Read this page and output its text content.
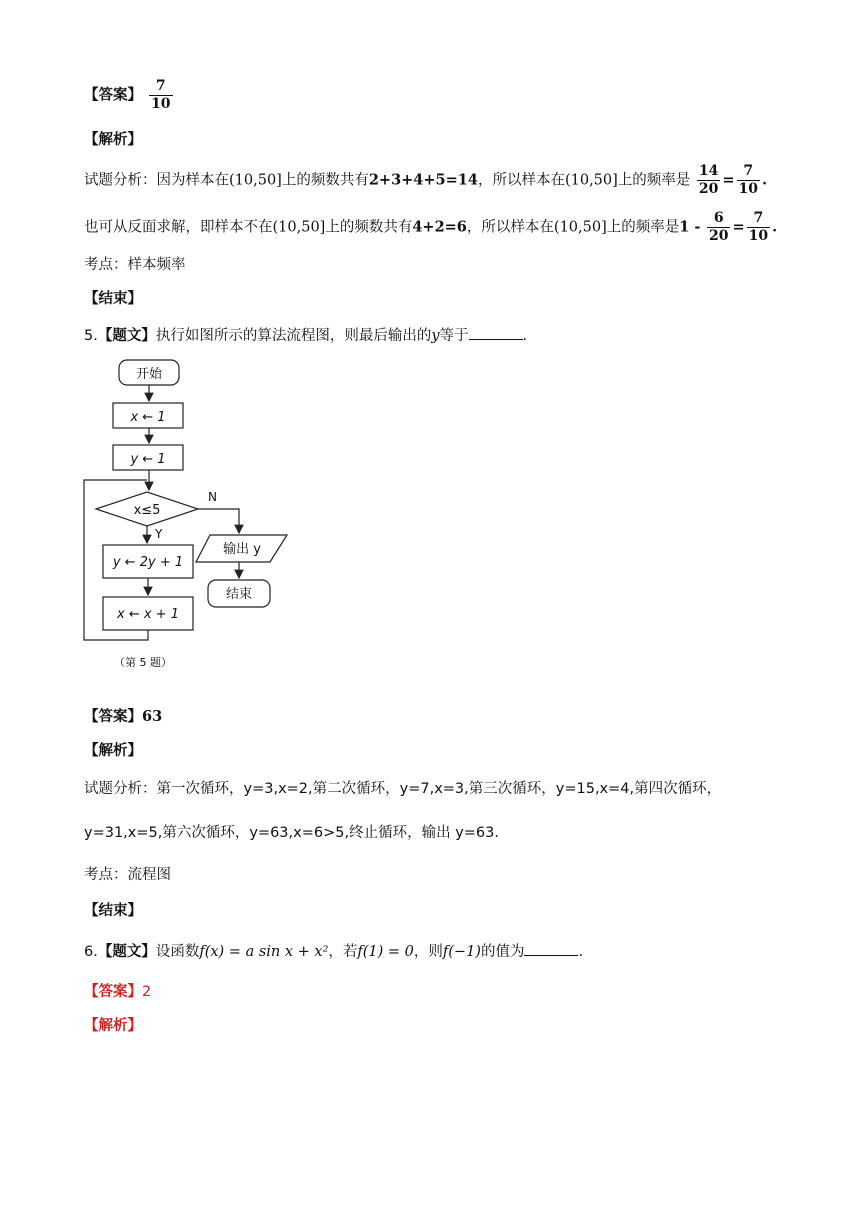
【答案】 $\frac{7}{10}$
【解析】
试题分析：因为样本在(10,50]上的频数共有2+3+4+5=14，所以样本在(10,50]上的频率是 $\frac{14}{20} = \frac{7}{10}$ .
也可从反面求解，即样本不在(10,50]上的频数共有4+2=6，所以样本在(10,50]上的频率是$1 - \frac{6}{20} = \frac{7}{10}$ .
考点：样本频率
【结束】
5.【题文】执行如图所示的算法流程图，则最后输出的y等于	.
开始
x ← 1
y ← 1
x≤5
N
Y
y ← 2y + 1
x ← x + 1
输出 y
结束
（第 5 题）
【答案】63
【解析】
试题分析：第一次循环，y=3,x=2,第二次循环，y=7,x=3,第三次循环，y=15,x=4,第四次循环，
y=31,x=5,第六次循环，y=63,x=6>5,终止循环，输出 y=63.
考点：流程图
【结束】
6.【题文】设函数f(x) = a sin x + x²，若f(1) = 0，则f(−1)的值为	.
【答案】2
【解析】
